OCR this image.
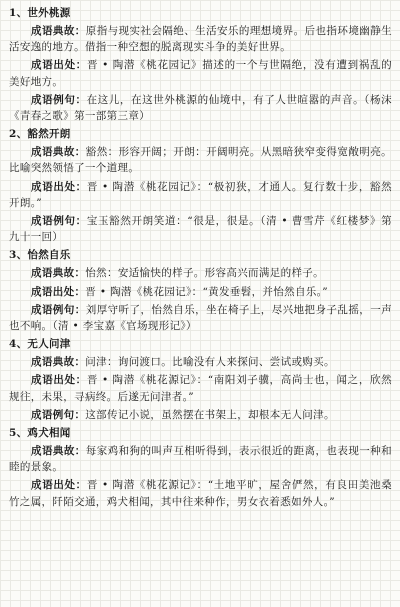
1、世外桃源

成语典故：原指与现实社会隔绝、生活安乐的理想境界。后也指环境幽静生活安逸的地方。借指一种空想的脱离现实斗争的美好世界。

成语出处：晋 • 陶潜《桃花园记》描述的一个与世隔绝，没有遭到祸乱的美好地方。

成语例句：在这儿，在这世外桃源的仙境中，有了人世暄嚣的声音。（杨沫《青春之歌》第一部第三章）

2、豁然开朗

成语典故：豁然：形容开阔；开朗：开阔明亮。从黑暗狭窄变得宽敞明亮。比喻突然领悟了一个道理。

成语出处：晋 • 陶潜《桃花园记》：“极初狭，才通人。复行数十步，豁然开朗。”

成语例句：宝玉豁然开朗笑道：“很是，很是。（清 • 曹雪芹《红楼梦》第九十一回）

3、怡然自乐

成语典故：怡然：安适愉快的样子。形容高兴而满足的样子。

成语出处：晋 • 陶潜《桃花园记》：“黄发垂髫，并怡然自乐。”

成语例句：刘厚守听了，怡然自乐，坐在椅子上，尽兴地把身子乱摇，一声也不响。（清 • 李宝嘉《官场现形记》）

4、无人问津

成语典故：问津：询问渡口。比喻没有人来探问、尝试或购买。

成语出处：晋 • 陶潜《桃花源记》：“南阳刘子骥，高尚士也，闻之，欣然规往，未果，寻病终。后遂无问津者。”

成语例句：这部传记小说，虽然摆在书架上，却根本无人问津。

5、鸡犬相闻

成语典故：每家鸡和狗的叫声互相听得到，表示很近的距离，也表现一种和睦的景象。

成语出处：晋 • 陶潜《桃花源记》：“土地平旷，屋舍俨然，有良田美池桑竹之属，阡陌交通，鸡犬相闻，其中往来种作，男女衣着悉如外人。”
